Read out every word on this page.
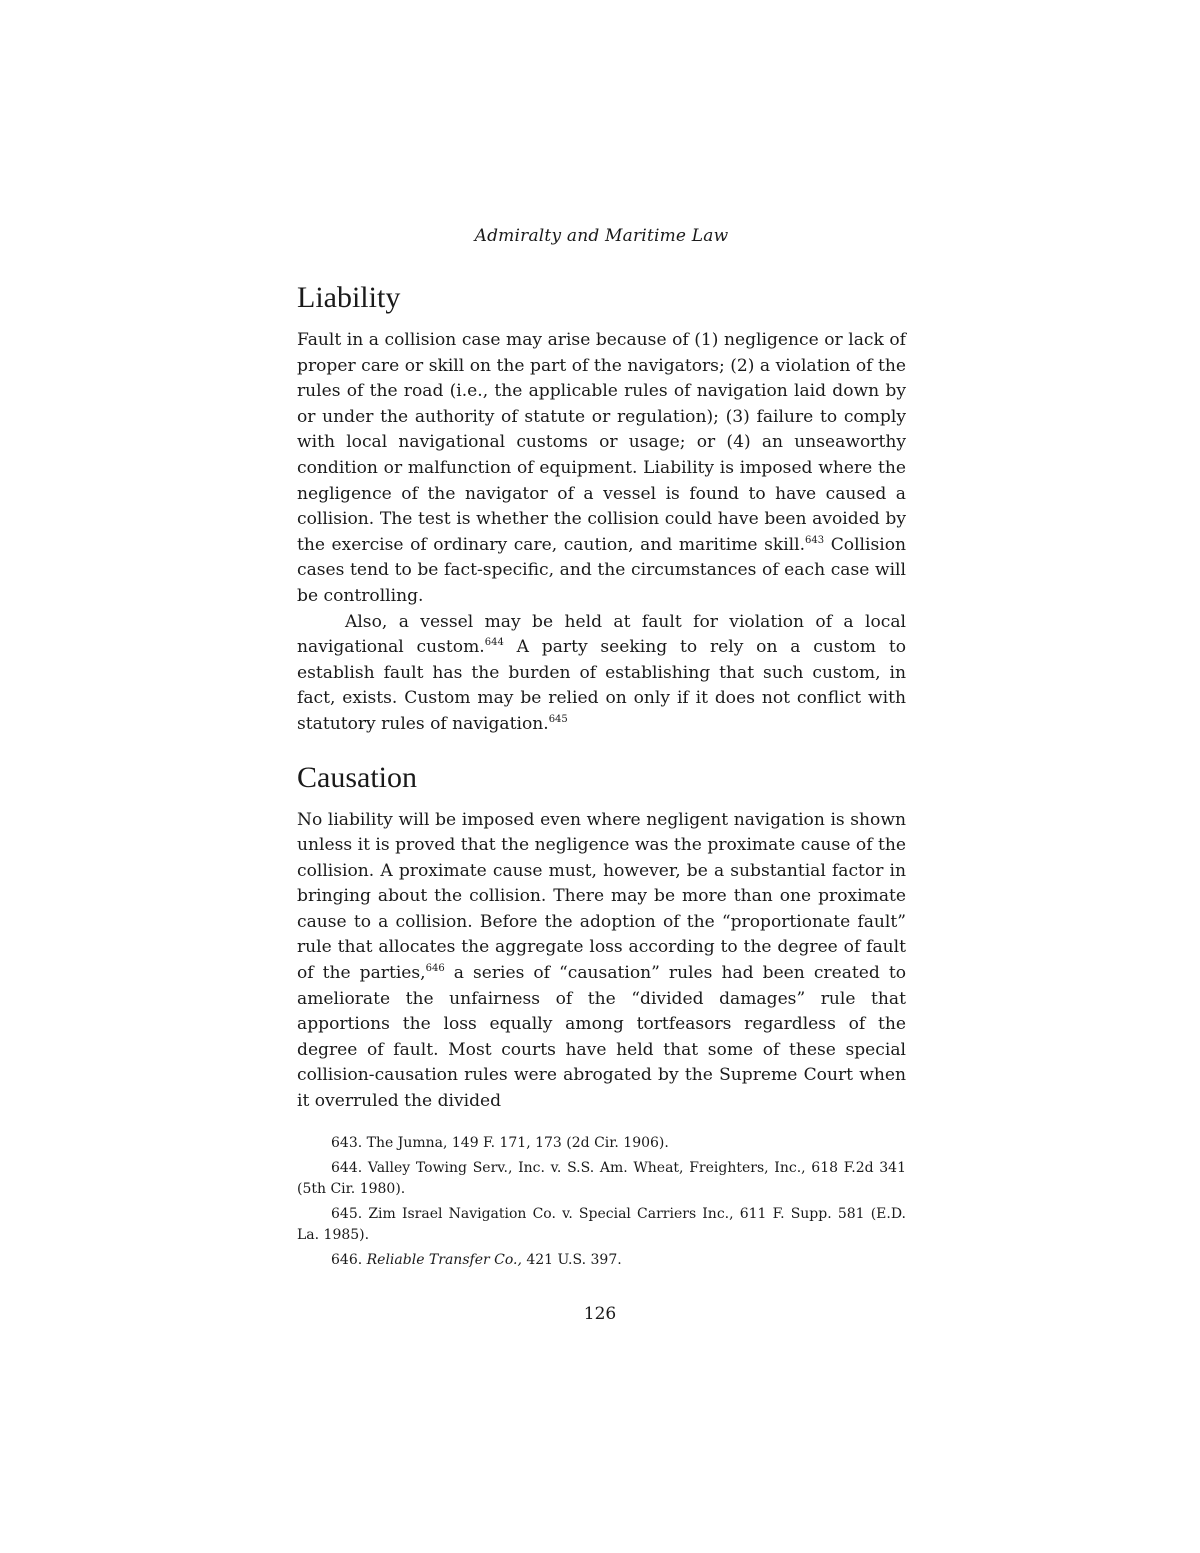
Admiralty and Maritime Law
Liability

Fault in a collision case may arise because of (1) negligence or lack of proper care or skill on the part of the navigators; (2) a violation of the rules of the road (i.e., the applicable rules of navigation laid down by or under the authority of statute or regulation); (3) failure to comply with local navigational customs or usage; or (4) an unseaworthy condition or malfunction of equipment. Liability is imposed where the negligence of the navigator of a vessel is found to have caused a collision. The test is whether the collision could have been avoided by the exercise of ordinary care, caution, and maritime skill.$^{643}$ Collision cases tend to be fact-specific, and the circumstances of each case will be controlling.

Also, a vessel may be held at fault for violation of a local navigational custom.$^{644}$ A party seeking to rely on a custom to establish fault has the burden of establishing that such custom, in fact, exists. Custom may be relied on only if it does not conflict with statutory rules of navigation.$^{645}$

Causation

No liability will be imposed even where negligent navigation is shown unless it is proved that the negligence was the proximate cause of the collision. A proximate cause must, however, be a substantial factor in bringing about the collision. There may be more than one proximate cause to a collision. Before the adoption of the “proportionate fault” rule that allocates the aggregate loss according to the degree of fault of the parties,$^{646}$ a series of “causation” rules had been created to ameliorate the unfairness of the “divided damages” rule that apportions the loss equally among tortfeasors regardless of the degree of fault. Most courts have held that some of these special collision-causation rules were abrogated by the Supreme Court when it overruled the divided

643. The Jumna, 149 F. 171, 173 (2d Cir. 1906).
644. Valley Towing Serv., Inc. v. S.S. Am. Wheat, Freighters, Inc., 618 F.2d 341 (5th Cir. 1980).
645. Zim Israel Navigation Co. v. Special Carriers Inc., 611 F. Supp. 581 (E.D. La. 1985).
646. Reliable Transfer Co., 421 U.S. 397.
126
